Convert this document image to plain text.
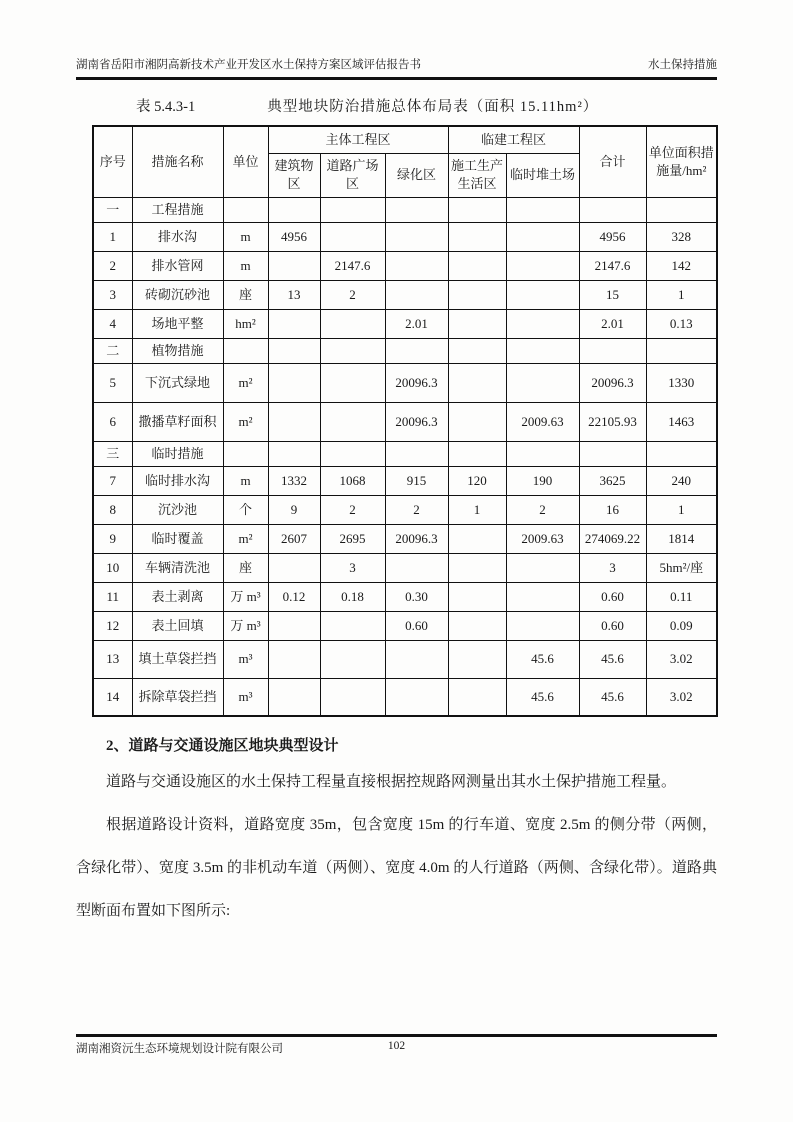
湖南省岳阳市湘阴高新技术产业开发区水土保持方案区域评估报告书	水土保持措施
表 5.4.3-1	典型地块防治措施总体布局表（面积 15.11hm²）
序号	措施名称	单位	主体工程区			临建工程区		合计	单位面积措施量/hm²
			建筑物区	道路广场区	绿化区	施工生产生活区	临时堆土场		
一	工程措施								
1	排水沟	m	4956					4956	328
2	排水管网	m		2147.6				2147.6	142
3	砖砌沉砂池	座	13	2				15	1
4	场地平整	hm²			2.01			2.01	0.13
二	植物措施								
5	下沉式绿地	m²			20096.3			20096.3	1330
6	撒播草籽面积	m²			20096.3		2009.63	22105.93	1463
三	临时措施								
7	临时排水沟	m	1332	1068	915	120	190	3625	240
8	沉沙池	个	9	2	2	1	2	16	1
9	临时覆盖	m²	2607	2695	20096.3		2009.63	274069.22	1814
10	车辆清洗池	座		3				3	5hm²/座
11	表土剥离	万 m³	0.12	0.18	0.30			0.60	0.11
12	表土回填	万 m³			0.60			0.60	0.09
13	填土草袋拦挡	m³					45.6	45.6	3.02
14	拆除草袋拦挡	m³					45.6	45.6	3.02
2、道路与交通设施区地块典型设计

道路与交通设施区的水土保持工程量直接根据控规路网测量出其水土保护措施工程量。

根据道路设计资料，道路宽度 35m，包含宽度 15m 的行车道、宽度 2.5m 的侧分带（两侧，含绿化带）、宽度 3.5m 的非机动车道（两侧）、宽度 4.0m 的人行道路（两侧、含绿化带）。道路典型断面布置如下图所示:

湖南湘资沅生态环境规划设计院有限公司	102
